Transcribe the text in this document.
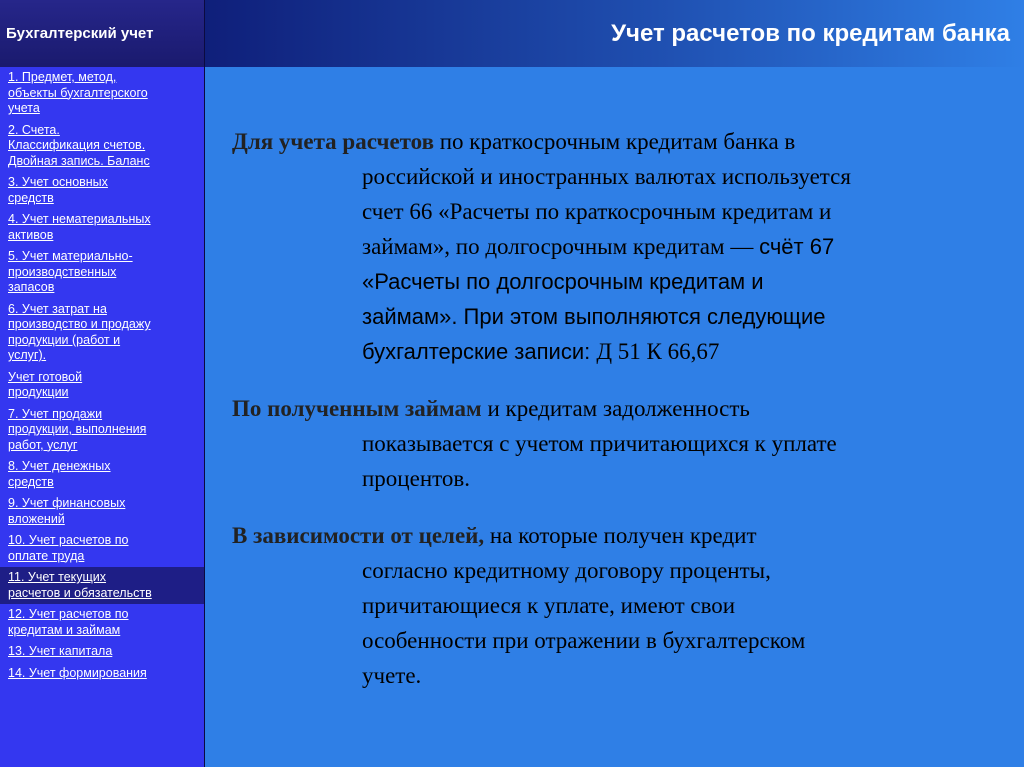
Бухгалтерский учет	Учет расчетов по кредитам банка
1. Предмет, метод,
объекты бухгалтерского
учета
2. Счета.
Классификация счетов.
Двойная запись. Баланс
3. Учет основных
средств
4. Учет нематериальных
активов
5. Учет материально-
производственных
запасов
6. Учет затрат на
производство и продажу
продукции (работ и
услуг).
Учет готовой
продукции
7. Учет продажи
продукции, выполнения
работ, услуг
8. Учет денежных
средств
9. Учет финансовых
вложений
10. Учет расчетов по
оплате труда
11. Учет текущих
расчетов и обязательств
12. Учет расчетов по
кредитам и займам
13. Учет капитала
14. Учет формирования

Для учета расчетов по краткосрочным кредитам банка в
российской и иностранных валютах используется
счет 66 «Расчеты по краткосрочным кредитам и
займам», по долгосрочным кредитам — счёт 67
«Расчеты по долгосрочным кредитам и
займам». При этом выполняются следующие
бухгалтерские записи: Д 51 К 66,67

По полученным займам и кредитам задолженность
показывается с учетом причитающихся к уплате
процентов.

В зависимости от целей, на которые получен кредит
согласно кредитному договору проценты,
причитающиеся к уплате, имеют свои
особенности при отражении в бухгалтерском
учете.
